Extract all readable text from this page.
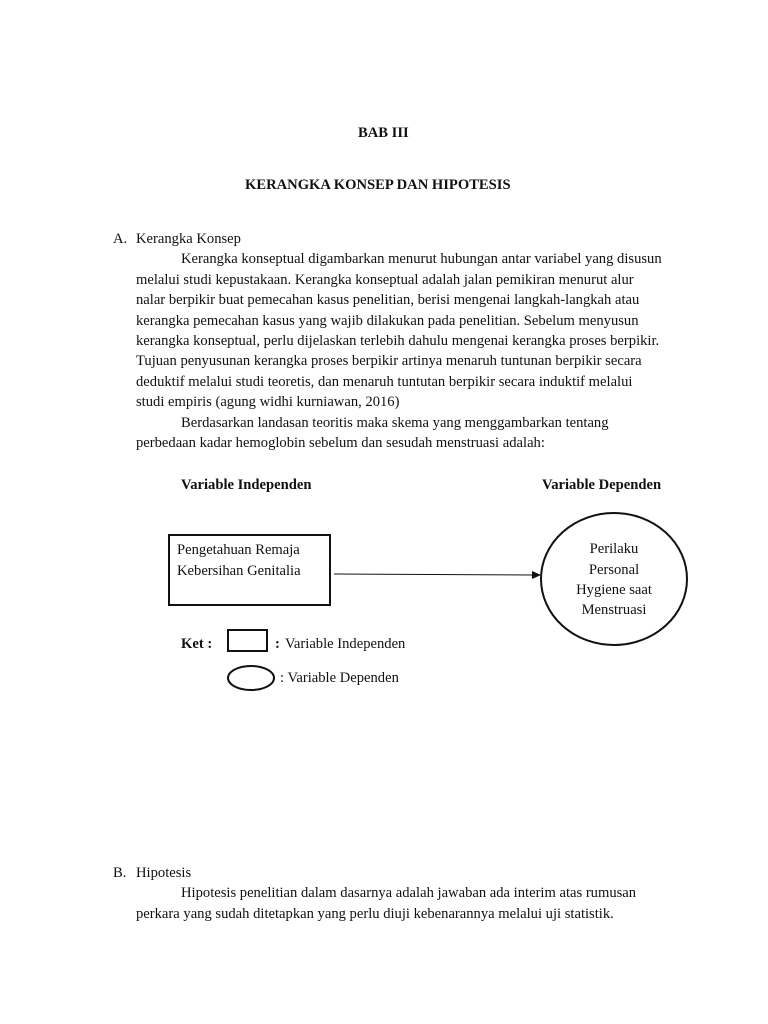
BAB III
KERANGKA KONSEP DAN HIPOTESIS
A. Kerangka Konsep
Kerangka konseptual digambarkan menurut hubungan antar variabel yang disusun
melalui studi kepustakaan. Kerangka konseptual adalah jalan pemikiran menurut alur
nalar berpikir buat pemecahan kasus penelitian, berisi mengenai langkah-langkah atau
kerangka pemecahan kasus yang wajib dilakukan pada penelitian. Sebelum menyusun
kerangka konseptual, perlu dijelaskan terlebih dahulu mengenai kerangka proses berpikir.
Tujuan penyusunan kerangka proses berpikir artinya menaruh tuntunan berpikir secara
deduktif melalui studi teoretis, dan menaruh tuntutan berpikir secara induktif melalui
studi empiris (agung widhi kurniawan, 2016)
Berdasarkan landasan teoritis maka skema yang menggambarkan tentang
perbedaan kadar hemoglobin sebelum dan sesudah menstruasi adalah:
Variable Independen	Variable Dependen
Pengetahuan Remaja
Kebersihan Genitalia
Perilaku
Personal
Hygiene saat
Menstruasi
Ket :	: Variable Independen
: Variable Dependen
B. Hipotesis
Hipotesis penelitian dalam dasarnya adalah jawaban ada interim atas rumusan
perkara yang sudah ditetapkan yang perlu diuji kebenarannya melalui uji statistik.
